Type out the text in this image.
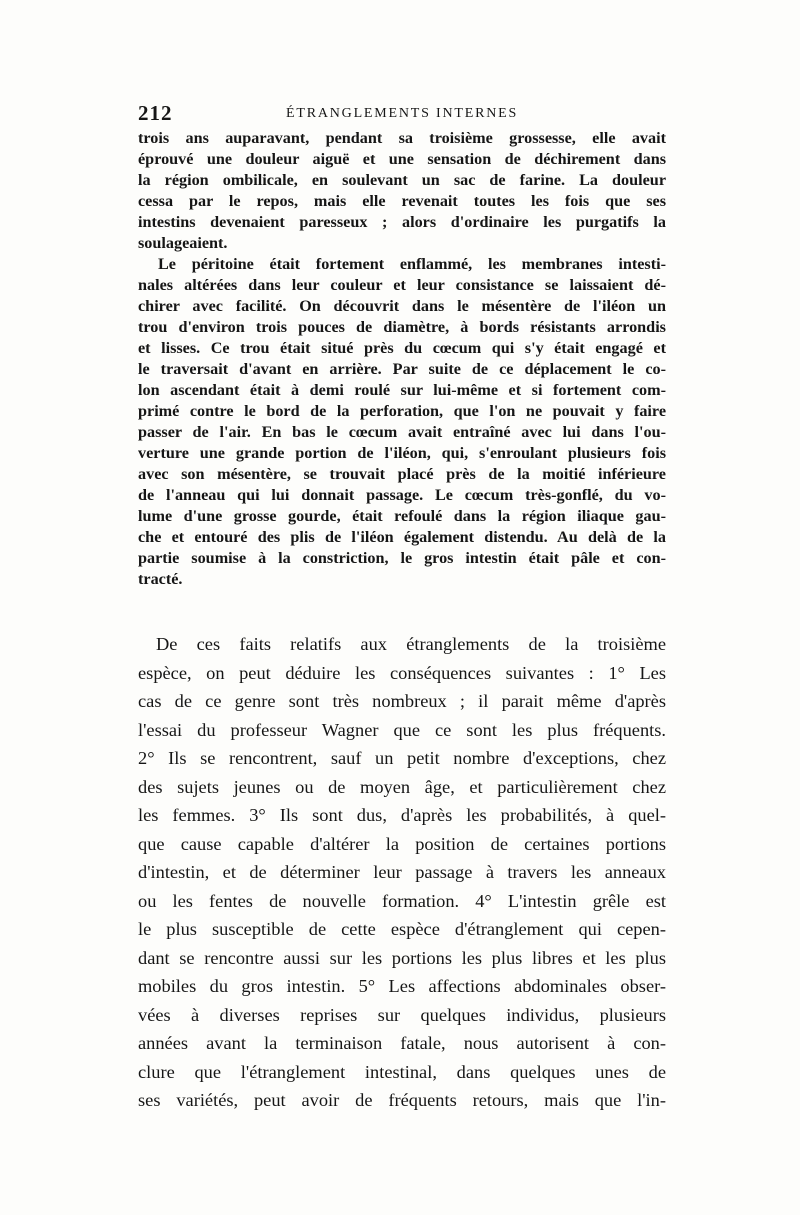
212	ÉTRANGLEMENTS INTERNES
trois ans auparavant, pendant sa troisième grossesse, elle avait
éprouvé une douleur aiguë et une sensation de déchirement dans
la région ombilicale, en soulevant un sac de farine. La douleur
cessa par le repos, mais elle revenait toutes les fois que ses
intestins devenaient paresseux ; alors d'ordinaire les purgatifs la
soulageaient.
Le péritoine était fortement enflammé, les membranes intesti-
nales altérées dans leur couleur et leur consistance se laissaient dé-
chirer avec facilité. On découvrit dans le mésentère de l'iléon un
trou d'environ trois pouces de diamètre, à bords résistants arrondis
et lisses. Ce trou était situé près du cœcum qui s'y était engagé et
le traversait d'avant en arrière. Par suite de ce déplacement le co-
lon ascendant était à demi roulé sur lui-même et si fortement com-
primé contre le bord de la perforation, que l'on ne pouvait y faire
passer de l'air. En bas le cœcum avait entraîné avec lui dans l'ou-
verture une grande portion de l'iléon, qui, s'enroulant plusieurs fois
avec son mésentère, se trouvait placé près de la moitié inférieure
de l'anneau qui lui donnait passage. Le cœcum très-gonflé, du vo-
lume d'une grosse gourde, était refoulé dans la région iliaque gau-
che et entouré des plis de l'iléon également distendu. Au delà de la
partie soumise à la constriction, le gros intestin était pâle et con-
tracté.
De ces faits relatifs aux étranglements de la troisième
espèce, on peut déduire les conséquences suivantes : 1° Les
cas de ce genre sont très nombreux ; il parait même d'après
l'essai du professeur Wagner que ce sont les plus fréquents.
2° Ils se rencontrent, sauf un petit nombre d'exceptions, chez
des sujets jeunes ou de moyen âge, et particulièrement chez
les femmes. 3° Ils sont dus, d'après les probabilités, à quel-
que cause capable d'altérer la position de certaines portions
d'intestin, et de déterminer leur passage à travers les anneaux
ou les fentes de nouvelle formation. 4° L'intestin grêle est
le plus susceptible de cette espèce d'étranglement qui cepen-
dant se rencontre aussi sur les portions les plus libres et les plus
mobiles du gros intestin. 5° Les affections abdominales obser-
vées à diverses reprises sur quelques individus, plusieurs
années avant la terminaison fatale, nous autorisent à con-
clure que l'étranglement intestinal, dans quelques unes de
ses variétés, peut avoir de fréquents retours, mais que l'in-
